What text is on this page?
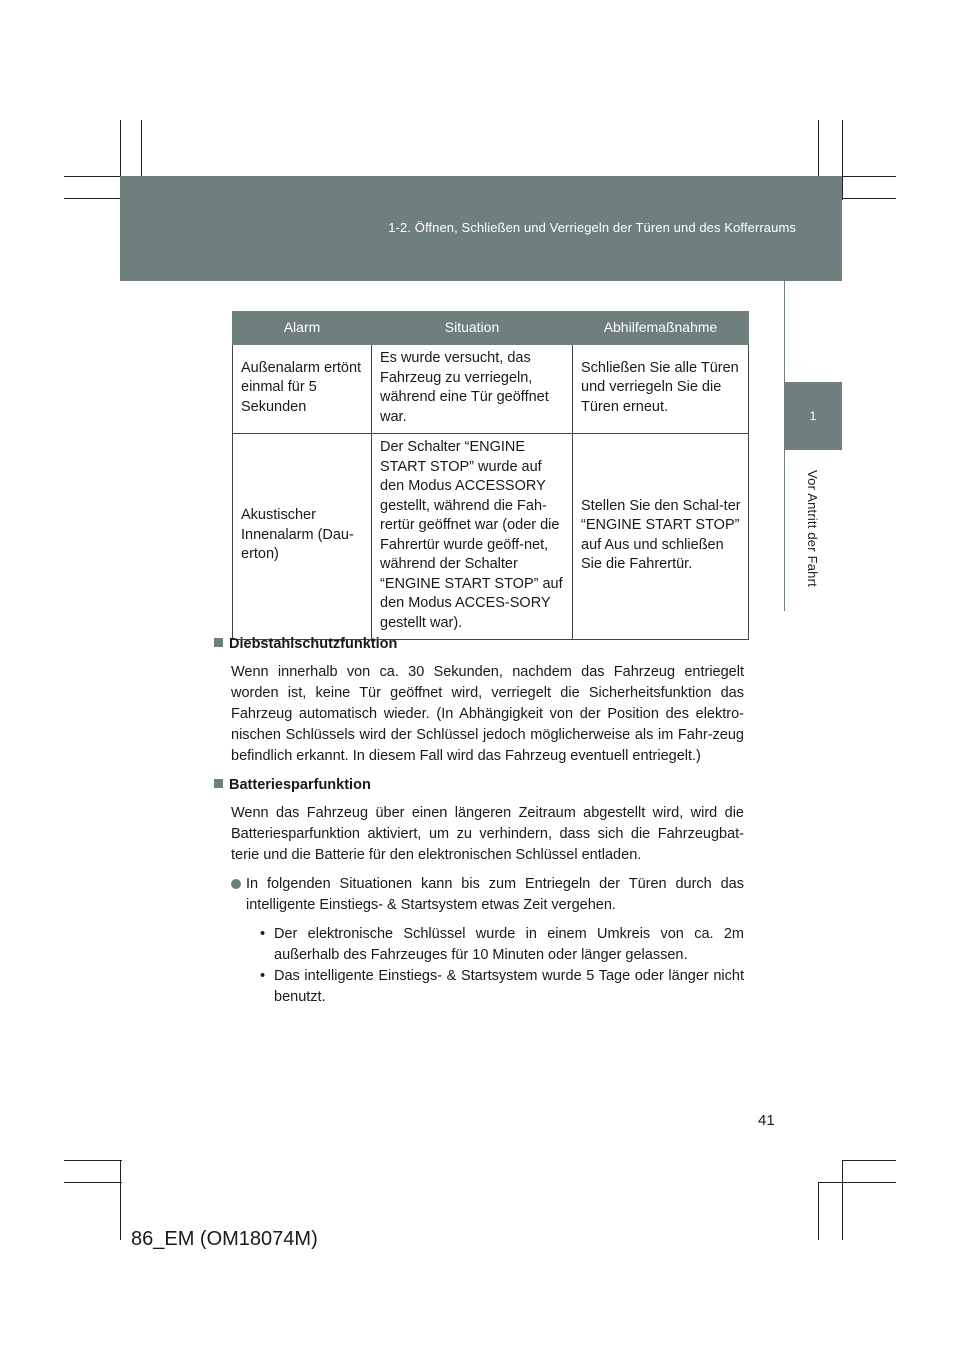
1-2. Öffnen, Schließen und Verriegeln der Türen und des Kofferraums
1
Vor Antritt der Fahrt
Alarm	Situation	Abhilfemaßnahme
Außenalarm ertönt einmal für 5 Sekunden	Es wurde versucht, das Fahrzeug zu verriegeln, während eine Tür geöffnet war.	Schließen Sie alle Türen und verriegeln Sie die Türen erneut.
Akustischer Innenalarm (Dau-erton)	Der Schalter “ENGINE START STOP” wurde auf den Modus ACCESSORY gestellt, während die Fah-rertür geöffnet war (oder die Fahrertür wurde geöff-net, während der Schalter “ENGINE START STOP” auf den Modus ACCES-SORY gestellt war).	Stellen Sie den Schal-ter “ENGINE START STOP” auf Aus und schließen Sie die Fahrertür.
Diebstahlschutzfunktion

Wenn innerhalb von ca. 30 Sekunden, nachdem das Fahrzeug entriegelt worden ist, keine Tür geöffnet wird, verriegelt die Sicherheitsfunktion das Fahrzeug automatisch wieder. (In Abhängigkeit von der Position des elektro-nischen Schlüssels wird der Schlüssel jedoch möglicherweise als im Fahr-zeug befindlich erkannt. In diesem Fall wird das Fahrzeug eventuell entriegelt.)

Batteriesparfunktion

Wenn das Fahrzeug über einen längeren Zeitraum abgestellt wird, wird die Batteriesparfunktion aktiviert, um zu verhindern, dass sich die Fahrzeugbat-terie und die Batterie für den elektronischen Schlüssel entladen.

In folgenden Situationen kann bis zum Entriegeln der Türen durch das intelligente Einstiegs- & Startsystem etwas Zeit vergehen.
• Der elektronische Schlüssel wurde in einem Umkreis von ca. 2m außerhalb des Fahrzeuges für 10 Minuten oder länger gelassen.
• Das intelligente Einstiegs- & Startsystem wurde 5 Tage oder länger nicht benutzt.
41
86_EM (OM18074M)
